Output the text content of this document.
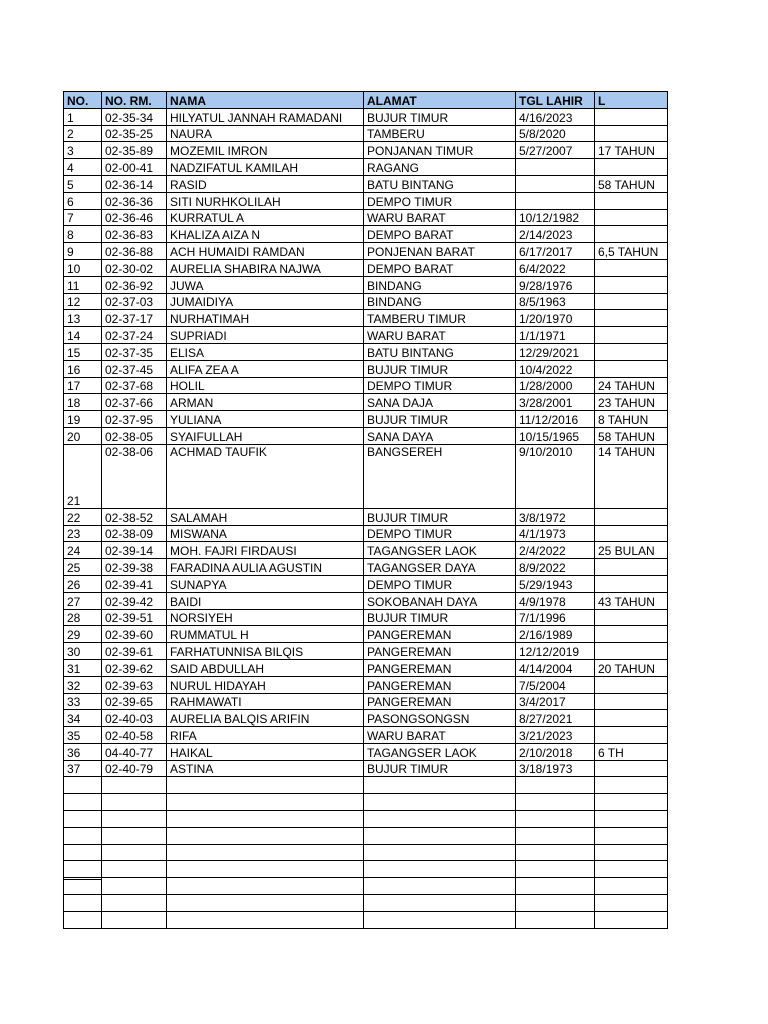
NO.	NO. RM.	NAMA	ALAMAT	TGL LAHIR	L
1	02-35-34	HILYATUL JANNAH RAMADANI	BUJUR TIMUR	4/16/2023	
2	02-35-25	NAURA	TAMBERU	5/8/2020	
3	02-35-89	MOZEMIL IMRON	PONJANAN TIMUR	5/27/2007	17 TAHUN
4	02-00-41	NADZIFATUL KAMILAH	RAGANG		
5	02-36-14	RASID	BATU BINTANG		58 TAHUN
6	02-36-36	SITI NURHKOLILAH	DEMPO TIMUR		
7	02-36-46	KURRATUL A	WARU BARAT	10/12/1982	
8	02-36-83	KHALIZA AIZA N	DEMPO BARAT	2/14/2023	
9	02-36-88	ACH HUMAIDI RAMDAN	PONJENAN BARAT	6/17/2017	6,5 TAHUN
10	02-30-02	AURELIA SHABIRA NAJWA	DEMPO BARAT	6/4/2022	
11	02-36-92	JUWA	BINDANG	9/28/1976	
12	02-37-03	JUMAIDIYA	BINDANG	8/5/1963	
13	02-37-17	NURHATIMAH	TAMBERU TIMUR	1/20/1970	
14	02-37-24	SUPRIADI	WARU BARAT	1/1/1971	
15	02-37-35	ELISA	BATU BINTANG	12/29/2021	
16	02-37-45	ALIFA ZEA A	BUJUR TIMUR	10/4/2022	
17	02-37-68	HOLIL	DEMPO TIMUR	1/28/2000	24 TAHUN
18	02-37-66	ARMAN	SANA DAJA	3/28/2001	23 TAHUN
19	02-37-95	YULIANA	BUJUR TIMUR	11/12/2016	8 TAHUN
20	02-38-05	SYAIFULLAH	SANA DAYA	10/15/1965	58 TAHUN
21	02-38-06	ACHMAD TAUFIK	BANGSEREH	9/10/2010	14 TAHUN
22	02-38-52	SALAMAH	BUJUR TIMUR	3/8/1972	
23	02-38-09	MISWANA	DEMPO TIMUR	4/1/1973	
24	02-39-14	MOH. FAJRI FIRDAUSI	TAGANGSER LAOK	2/4/2022	25 BULAN
25	02-39-38	FARADINA AULIA AGUSTIN	TAGANGSER DAYA	8/9/2022	
26	02-39-41	SUNAPYA	DEMPO TIMUR	5/29/1943	
27	02-39-42	BAIDI	SOKOBANAH DAYA	4/9/1978	43 TAHUN
28	02-39-51	NORSIYEH	BUJUR TIMUR	7/1/1996	
29	02-39-60	RUMMATUL H	PANGEREMAN	2/16/1989	
30	02-39-61	FARHATUNNISA BILQIS	PANGEREMAN	12/12/2019	
31	02-39-62	SAID ABDULLAH	PANGEREMAN	4/14/2004	20 TAHUN
32	02-39-63	NURUL HIDAYAH	PANGEREMAN	7/5/2004	
33	02-39-65	RAHMAWATI	PANGEREMAN	3/4/2017	
34	02-40-03	AURELIA BALQIS ARIFIN	PASONGSONGSN	8/27/2021	
35	02-40-58	RIFA	WARU BARAT	3/21/2023	
36	04-40-77	HAIKAL	TAGANGSER LAOK	2/10/2018	6 TH
37	02-40-79	ASTINA	BUJUR TIMUR	3/18/1973	
